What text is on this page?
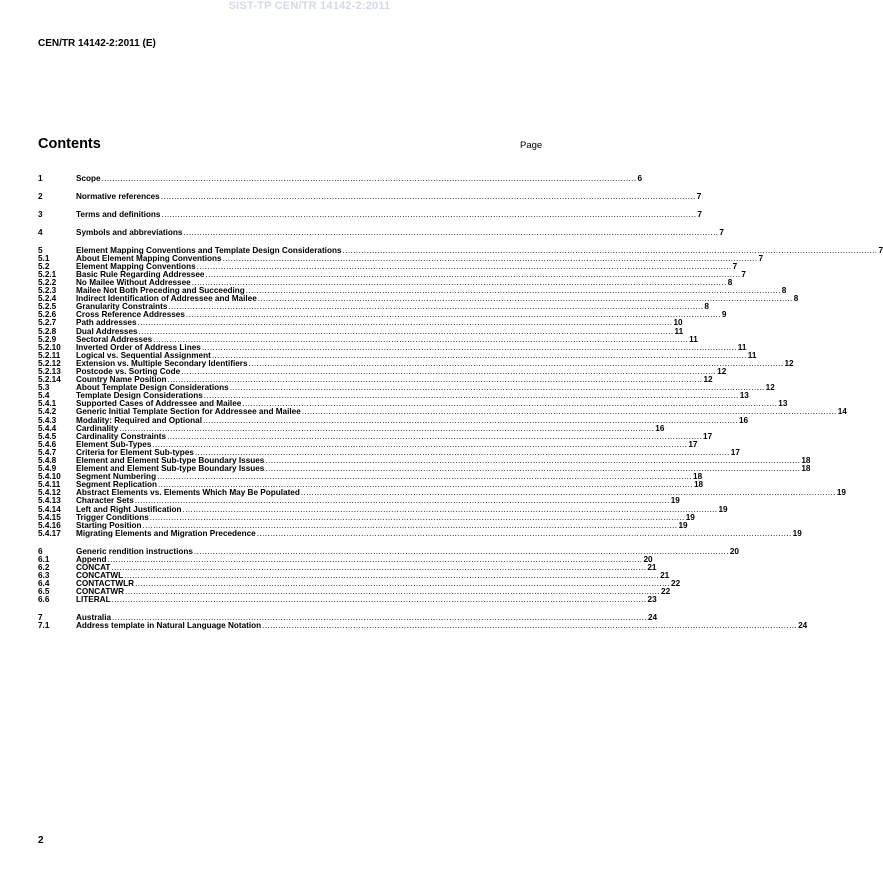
SIST-TP CEN/TR 14142-2:2011
CEN/TR 14142-2:2011 (E)
Contents	Page
1	Scope ........................................................................................................................................................................................................ 6
2	Normative references ........................................................................................................................................................................................................ 7
3	Terms and definitions ........................................................................................................................................................................................................ 7
4	Symbols and abbreviations ........................................................................................................................................................................................................ 7
5	Element Mapping Conventions and Template Design Considerations ........................................................................................................................................................................................................ 7
5.1	About Element Mapping Conventions ........................................................................................................................................................................................................ 7
5.2	Element Mapping Conventions ........................................................................................................................................................................................................ 7
5.2.1	Basic Rule Regarding Addressee ........................................................................................................................................................................................................ 7
5.2.2	No Mailee Without Addressee ........................................................................................................................................................................................................ 8
5.2.3	Mailee Not Both Preceding and Succeeding ........................................................................................................................................................................................................ 8
5.2.4	Indirect Identification of Addressee and Mailee ........................................................................................................................................................................................................ 8
5.2.5	Granularity Constraints ........................................................................................................................................................................................................ 8
5.2.6	Cross Reference Addresses ........................................................................................................................................................................................................ 9
5.2.7	Path addresses ........................................................................................................................................................................................................ 10
5.2.8	Dual Addresses ........................................................................................................................................................................................................ 11
5.2.9	Sectoral Addresses ........................................................................................................................................................................................................ 11
5.2.10	Inverted Order of Address Lines ........................................................................................................................................................................................................ 11
5.2.11	Logical vs. Sequential Assignment ........................................................................................................................................................................................................ 11
5.2.12	Extension vs. Multiple Secondary Identifiers ........................................................................................................................................................................................................ 12
5.2.13	Postcode vs. Sorting Code ........................................................................................................................................................................................................ 12
5.2.14	Country Name Position ........................................................................................................................................................................................................ 12
5.3	About Template Design Considerations ........................................................................................................................................................................................................ 12
5.4	Template Design Considerations ........................................................................................................................................................................................................ 13
5.4.1	Supported Cases of Addressee and Mailee ........................................................................................................................................................................................................ 13
5.4.2	Generic Initial Template Section for Addressee and Mailee ........................................................................................................................................................................................................ 14
5.4.3	Modality: Required and Optional ........................................................................................................................................................................................................ 16
5.4.4	Cardinality ........................................................................................................................................................................................................ 16
5.4.5	Cardinality Constraints ........................................................................................................................................................................................................ 17
5.4.6	Element Sub-Types ........................................................................................................................................................................................................ 17
5.4.7	Criteria for Element Sub-types ........................................................................................................................................................................................................ 17
5.4.8	Element and Element Sub-type Boundary Issues ........................................................................................................................................................................................................ 18
5.4.9	Element and Element Sub-type Boundary Issues ........................................................................................................................................................................................................ 18
5.4.10	Segment Numbering ........................................................................................................................................................................................................ 18
5.4.11	Segment Replication ........................................................................................................................................................................................................ 18
5.4.12	Abstract Elements vs. Elements Which May Be Populated ........................................................................................................................................................................................................ 19
5.4.13	Character Sets ........................................................................................................................................................................................................ 19
5.4.14	Left and Right Justification ........................................................................................................................................................................................................ 19
5.4.15	Trigger Conditions ........................................................................................................................................................................................................ 19
5.4.16	Starting Position ........................................................................................................................................................................................................ 19
5.4.17	Migrating Elements and Migration Precedence ........................................................................................................................................................................................................ 19
6	Generic rendition instructions ........................................................................................................................................................................................................ 20
6.1	Append ........................................................................................................................................................................................................ 20
6.2	CONCAT ........................................................................................................................................................................................................ 21
6.3	CONCATWL ........................................................................................................................................................................................................ 21
6.4	CONTACTWLR ........................................................................................................................................................................................................ 22
6.5	CONCATWR ........................................................................................................................................................................................................ 22
6.6	LITERAL ........................................................................................................................................................................................................ 23
7	Australia ........................................................................................................................................................................................................ 24
7.1	Address template in Natural Language Notation ........................................................................................................................................................................................................ 24
2
